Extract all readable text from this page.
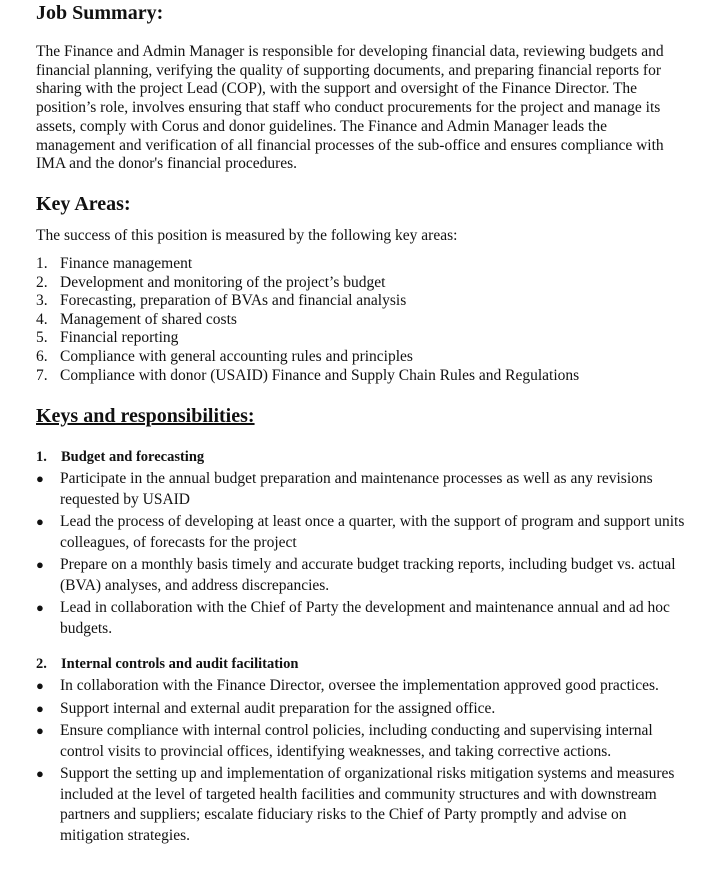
Job Summary:

The Finance and Admin Manager is responsible for developing financial data, reviewing budgets and financial planning, verifying the quality of supporting documents, and preparing financial reports for sharing with the project Lead (COP), with the support and oversight of the Finance Director. The position’s role, involves ensuring that staff who conduct procurements for the project and manage its assets, comply with Corus and donor guidelines. The Finance and Admin Manager leads the management and verification of all financial processes of the sub-office and ensures compliance with IMA and the donor's financial procedures.

Key Areas:

The success of this position is measured by the following key areas:

1. Finance management
2. Development and monitoring of the project’s budget
3. Forecasting, preparation of BVAs and financial analysis
4. Management of shared costs
5. Financial reporting
6. Compliance with general accounting rules and principles
7. Compliance with donor (USAID) Finance and Supply Chain Rules and Regulations
Keys and responsibilities:
1. Budget and forecasting
● Participate in the annual budget preparation and maintenance processes as well as any revisions requested by USAID
● Lead the process of developing at least once a quarter, with the support of program and support units colleagues, of forecasts for the project
● Prepare on a monthly basis timely and accurate budget tracking reports, including budget vs. actual (BVA) analyses, and address discrepancies.
● Lead in collaboration with the Chief of Party the development and maintenance annual and ad hoc budgets.
2. Internal controls and audit facilitation
● In collaboration with the Finance Director, oversee the implementation approved good practices.
● Support internal and external audit preparation for the assigned office.
● Ensure compliance with internal control policies, including conducting and supervising internal control visits to provincial offices, identifying weaknesses, and taking corrective actions.
● Support the setting up and implementation of organizational risks mitigation systems and measures included at the level of targeted health facilities and community structures and with downstream partners and suppliers; escalate fiduciary risks to the Chief of Party promptly and advise on mitigation strategies.
